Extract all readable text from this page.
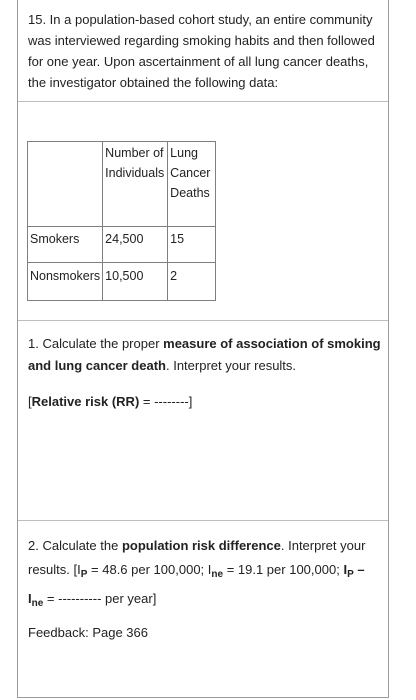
15. In a population-based cohort study, an entire community was interviewed regarding smoking habits and then followed for one year. Upon ascertainment of all lung cancer deaths, the investigator obtained the following data:
	Number of Individuals	Lung Cancer Deaths
Smokers	24,500	15
Nonsmokers	10,500	2
1. Calculate the proper measure of association of smoking and lung cancer death. Interpret your results.
[Relative risk (RR) = --------]
2. Calculate the population risk difference. Interpret your results. [$I_P = 48.6$ per 100,000; $I_{ne} = 19.1$ per 100,000; $I_P$ –
$I_{ne}$ = ---------- per year]
Feedback: Page 366
